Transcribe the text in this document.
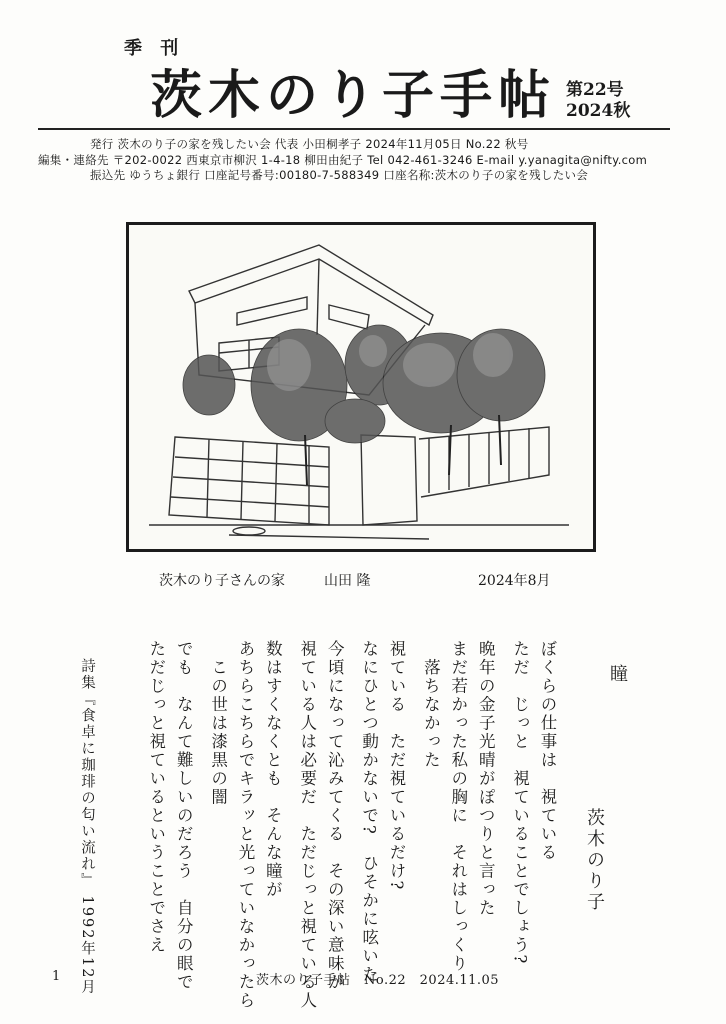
季 刊
茨木のり子手帖 第22号
2024秋
発行 茨木のり子の家を残したい会 代表 小田桐孝子 2024年11月05日 No.22 秋号
編集・連絡先 〒202-0022 西東京市柳沢 1-4-18 柳田由紀子 Tel 042-461-3246 E-mail y.yanagita@nifty.com
振込先 ゆうちょ銀行 口座記号番号:00180-7-588349 口座名称:茨木のり子の家を残したい会
茨木のり子さんの家	山田 隆	2024年8月
瞳
茨木のり子
ぼくらの仕事は　視ている
ただ　じっと　視ていることでしょう?
晩年の金子光晴がぽつりと言った
まだ若かった私の胸に　それはしっくり
　落ちなかった
視ている　ただ視ているだけ?
なにひとつ動かないで?　ひそかに呟いた
今頃になって沁みてくる　その深い意味が
視ている人は必要だ　ただじっと視ている人
数はすくなくとも　そんな瞳が
あちらこちらでキラッと光っていなかったら
　この世は漆黒の闇
でも　なんて難しいのだろう　自分の眼で
ただじっと視ているということでさえ
詩集『食卓に珈琲の匂い流れ』 1992年12月
1	茨木のり子手帖　No.22　2024.11.05
